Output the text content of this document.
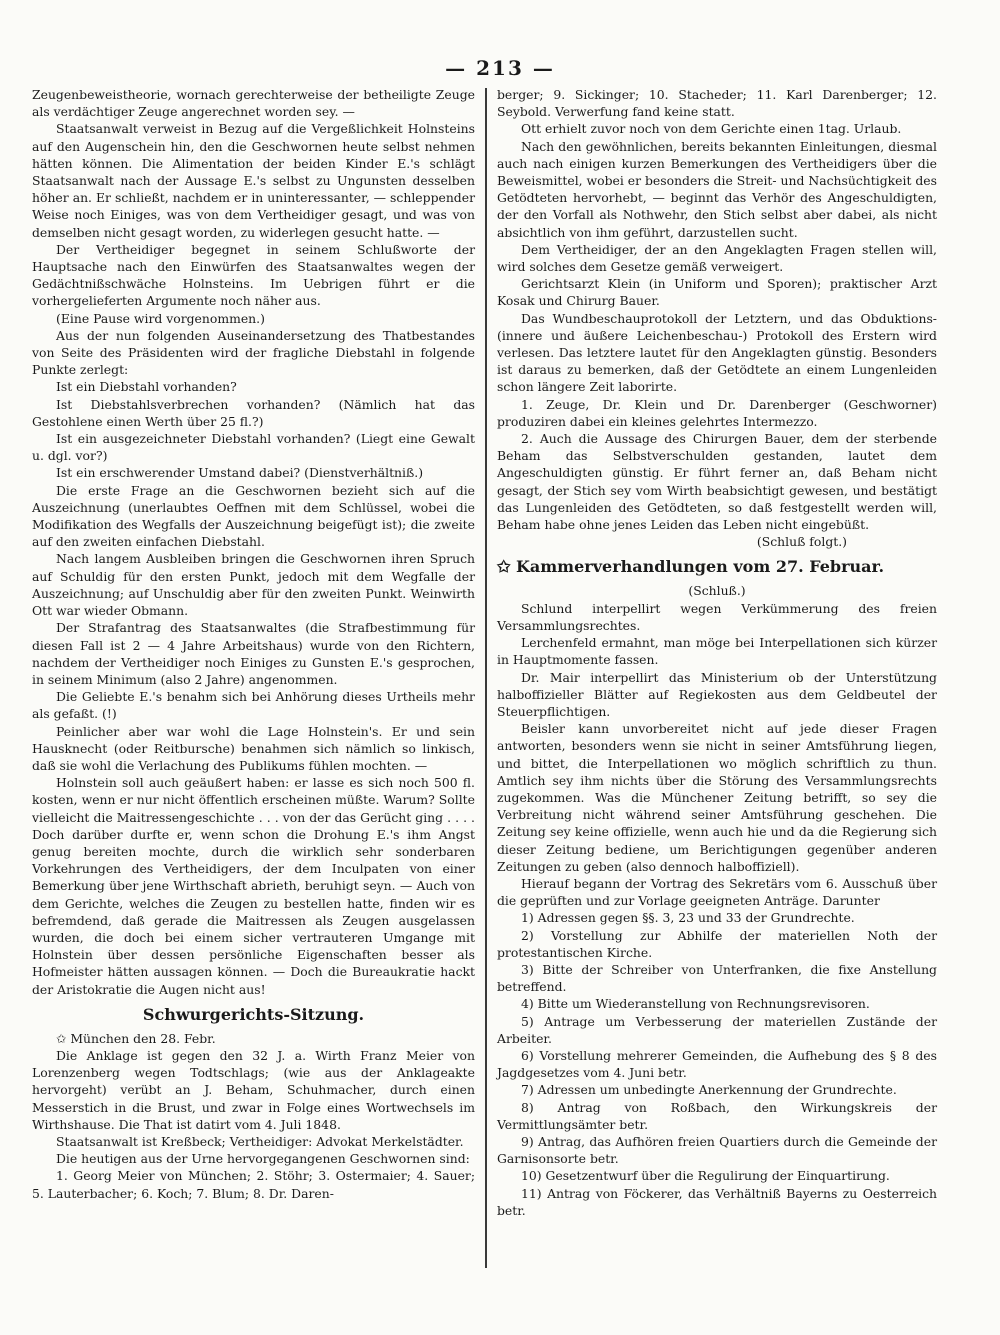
— 213 —

Zeugenbeweistheorie, wornach gerechterweise der betheiligte Zeuge als verdächtiger Zeuge angerechnet worden sey. —

Staatsanwalt verweist in Bezug auf die Vergeßlichkeit Holnsteins auf den Augenschein hin, den die Geschwornen heute selbst nehmen hätten können. Die Alimentation der beiden Kinder E.'s schlägt Staatsanwalt nach der Aussage E.'s selbst zu Ungunsten desselben höher an. Er schließt, nachdem er in uninteressanter, — schleppender Weise noch Einiges, was von dem Vertheidiger gesagt, und was von demselben nicht gesagt worden, zu widerlegen gesucht hatte. —

Der Vertheidiger begegnet in seinem Schlußworte der Hauptsache nach den Einwürfen des Staatsanwaltes wegen der Gedächtnißschwäche Holnsteins. Im Uebrigen führt er die vorhergelieferten Argumente noch näher aus.

(Eine Pause wird vorgenommen.)

Aus der nun folgenden Auseinandersetzung des Thatbestandes von Seite des Präsidenten wird der fragliche Diebstahl in folgende Punkte zerlegt:

Ist ein Diebstahl vorhanden?

Ist Diebstahlsverbrechen vorhanden? (Nämlich hat das Gestohlene einen Werth über 25 fl.?)

Ist ein ausgezeichneter Diebstahl vorhanden? (Liegt eine Gewalt u. dgl. vor?)

Ist ein erschwerender Umstand dabei? (Dienstverhältniß.)

Die erste Frage an die Geschwornen bezieht sich auf die Auszeichnung (unerlaubtes Oeffnen mit dem Schlüssel, wobei die Modifikation des Wegfalls der Auszeichnung beigefügt ist); die zweite auf den zweiten einfachen Diebstahl.

Nach langem Ausbleiben bringen die Geschwornen ihren Spruch auf Schuldig für den ersten Punkt, jedoch mit dem Wegfalle der Auszeichnung; auf Unschuldig aber für den zweiten Punkt. Weinwirth Ott war wieder Obmann.

Der Strafantrag des Staatsanwaltes (die Strafbestimmung für diesen Fall ist 2 — 4 Jahre Arbeitshaus) wurde von den Richtern, nachdem der Vertheidiger noch Einiges zu Gunsten E.'s gesprochen, in seinem Minimum (also 2 Jahre) angenommen.

Die Geliebte E.'s benahm sich bei Anhörung dieses Urtheils mehr als gefaßt. (!)

Peinlicher aber war wohl die Lage Holnstein's. Er und sein Hausknecht (oder Reitbursche) benahmen sich nämlich so linkisch, daß sie wohl die Verlachung des Publikums fühlen mochten. —

Holnstein soll auch geäußert haben: er lasse es sich noch 500 fl. kosten, wenn er nur nicht öffentlich erscheinen müßte. Warum? Sollte vielleicht die Maitressengeschichte . . . von der das Gerücht ging . . . . Doch darüber durfte er, wenn schon die Drohung E.'s ihm Angst genug bereiten mochte, durch die wirklich sehr sonderbaren Vorkehrungen des Vertheidigers, der dem Inculpaten von einer Bemerkung über jene Wirthschaft abrieth, beruhigt seyn. — Auch von dem Gerichte, welches die Zeugen zu bestellen hatte, finden wir es befremdend, daß gerade die Maitressen als Zeugen ausgelassen wurden, die doch bei einem sicher vertrauteren Umgange mit Holnstein über dessen persönliche Eigenschaften besser als Hofmeister hätten aussagen können. — Doch die Bureaukratie hackt der Aristokratie die Augen nicht aus!

Schwurgerichts-Sitzung.

✩ München den 28. Febr.

Die Anklage ist gegen den 32 J. a. Wirth Franz Meier von Lorenzenberg wegen Todtschlags; (wie aus der Anklageakte hervorgeht) verübt an J. Beham, Schuhmacher, durch einen Messerstich in die Brust, und zwar in Folge eines Wortwechsels im Wirthshause. Die That ist datirt vom 4. Juli 1848.

Staatsanwalt ist Kreßbeck; Vertheidiger: Advokat Merkelstädter.

Die heutigen aus der Urne hervorgegangenen Geschwornen sind:

1. Georg Meier von München; 2. Stöhr; 3. Ostermaier; 4. Sauer; 5. Lauterbacher; 6. Koch; 7. Blum; 8. Dr. Daren-

berger; 9. Sickinger; 10. Stacheder; 11. Karl Darenberger; 12. Seybold. Verwerfung fand keine statt.

Ott erhielt zuvor noch von dem Gerichte einen 1tag. Urlaub.

Nach den gewöhnlichen, bereits bekannten Einleitungen, diesmal auch nach einigen kurzen Bemerkungen des Vertheidigers über die Beweismittel, wobei er besonders die Streit- und Nachsüchtigkeit des Getödteten hervorhebt, — beginnt das Verhör des Angeschuldigten, der den Vorfall als Nothwehr, den Stich selbst aber dabei, als nicht absichtlich von ihm geführt, darzustellen sucht.

Dem Vertheidiger, der an den Angeklagten Fragen stellen will, wird solches dem Gesetze gemäß verweigert.

Gerichtsarzt Klein (in Uniform und Sporen); praktischer Arzt Kosak und Chirurg Bauer.

Das Wundbeschauprotokoll der Letztern, und das Obduktions- (innere und äußere Leichenbeschau-) Protokoll des Erstern wird verlesen. Das letztere lautet für den Angeklagten günstig. Besonders ist daraus zu bemerken, daß der Getödtete an einem Lungenleiden schon längere Zeit laborirte.

1. Zeuge, Dr. Klein und Dr. Darenberger (Geschworner) produziren dabei ein kleines gelehrtes Intermezzo.

2. Auch die Aussage des Chirurgen Bauer, dem der sterbende Beham das Selbstverschulden gestanden, lautet dem Angeschuldigten günstig. Er führt ferner an, daß Beham nicht gesagt, der Stich sey vom Wirth beabsichtigt gewesen, und bestätigt das Lungenleiden des Getödteten, so daß festgestellt werden will, Beham habe ohne jenes Leiden das Leben nicht eingebüßt.

(Schluß folgt.)

✩ Kammerverhandlungen vom 27. Februar.

(Schluß.)

Schlund interpellirt wegen Verkümmerung des freien Versammlungsrechtes.

Lerchenfeld ermahnt, man möge bei Interpellationen sich kürzer in Hauptmomente fassen.

Dr. Mair interpellirt das Ministerium ob der Unterstützung halboffizieller Blätter auf Regiekosten aus dem Geldbeutel der Steuerpflichtigen.

Beisler kann unvorbereitet nicht auf jede dieser Fragen antworten, besonders wenn sie nicht in seiner Amtsführung liegen, und bittet, die Interpellationen wo möglich schriftlich zu thun. Amtlich sey ihm nichts über die Störung des Versammlungsrechts zugekommen. Was die Münchener Zeitung betrifft, so sey die Verbreitung nicht während seiner Amtsführung geschehen. Die Zeitung sey keine offizielle, wenn auch hie und da die Regierung sich dieser Zeitung bediene, um Berichtigungen gegenüber anderen Zeitungen zu geben (also dennoch halboffiziell).

Hierauf begann der Vortrag des Sekretärs vom 6. Ausschuß über die geprüften und zur Vorlage geeigneten Anträge. Darunter

1) Adressen gegen §§. 3, 23 und 33 der Grundrechte.

2) Vorstellung zur Abhilfe der materiellen Noth der protestantischen Kirche.

3) Bitte der Schreiber von Unterfranken, die fixe Anstellung betreffend.

4) Bitte um Wiederanstellung von Rechnungsrevisoren.

5) Antrage um Verbesserung der materiellen Zustände der Arbeiter.

6) Vorstellung mehrerer Gemeinden, die Aufhebung des § 8 des Jagdgesetzes vom 4. Juni betr.

7) Adressen um unbedingte Anerkennung der Grundrechte.

8) Antrag von Roßbach, den Wirkungskreis der Vermittlungsämter betr.

9) Antrag, das Aufhören freien Quartiers durch die Gemeinde der Garnisonsorte betr.

10) Gesetzentwurf über die Regulirung der Einquartirung.

11) Antrag von Föckerer, das Verhältniß Bayerns zu Oesterreich betr.
